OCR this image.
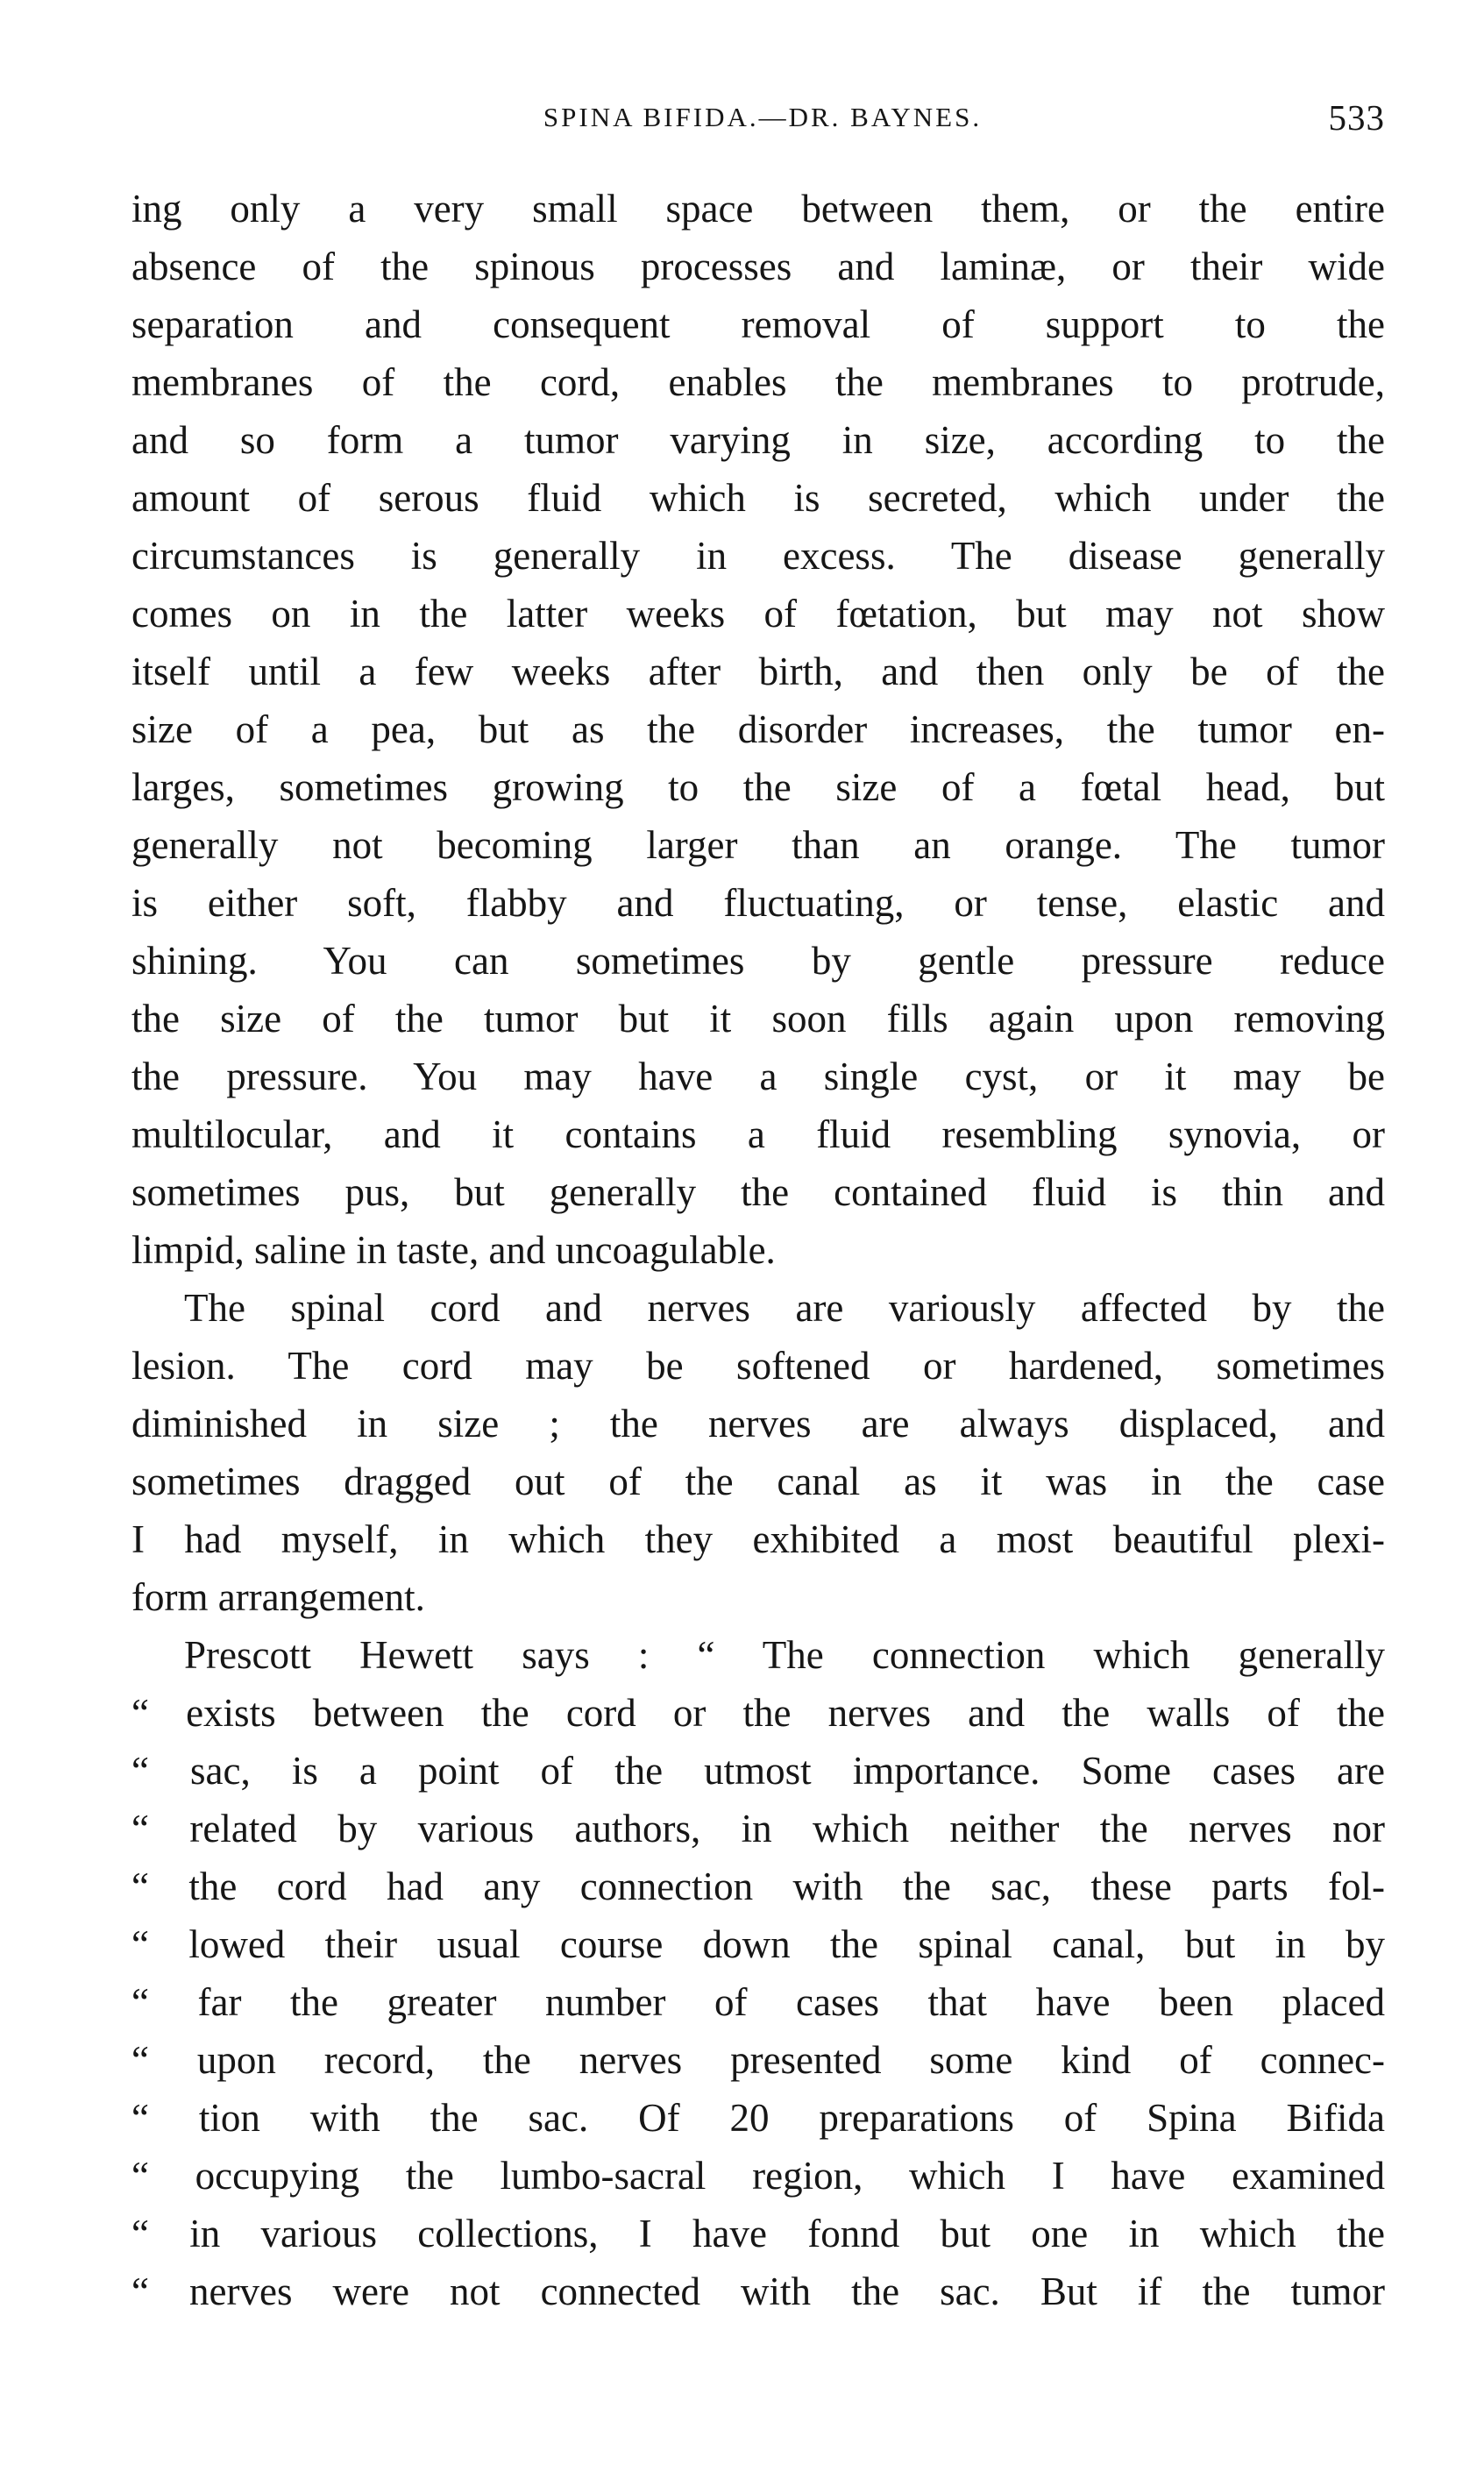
SPINA BIFIDA.—DR. BAYNES.	533
ing only a very small space between them, or the entire
absence of the spinous processes and laminæ, or their wide
separation and consequent removal of support to the
membranes of the cord, enables the membranes to protrude,
and so form a tumor varying in size, according to the
amount of serous fluid which is secreted, which under the
circumstances is generally in excess. The disease generally
comes on in the latter weeks of fœtation, but may not show
itself until a few weeks after birth, and then only be of the
size of a pea, but as the disorder increases, the tumor en-
larges, sometimes growing to the size of a fœtal head, but
generally not becoming larger than an orange. The tumor
is either soft, flabby and fluctuating, or tense, elastic and
shining. You can sometimes by gentle pressure reduce
the size of the tumor but it soon fills again upon removing
the pressure. You may have a single cyst, or it may be
multilocular, and it contains a fluid resembling synovia, or
sometimes pus, but generally the contained fluid is thin and
limpid, saline in taste, and uncoagulable.
The spinal cord and nerves are variously affected by the
lesion. The cord may be softened or hardened, sometimes
diminished in size ; the nerves are always displaced, and
sometimes dragged out of the canal as it was in the case
I had myself, in which they exhibited a most beautiful plexi-
form arrangement.
Prescott Hewett says : “ The connection which generally
“ exists between the cord or the nerves and the walls of the
“ sac, is a point of the utmost importance. Some cases are
“ related by various authors, in which neither the nerves nor
“ the cord had any connection with the sac, these parts fol-
“ lowed their usual course down the spinal canal, but in by
“ far the greater number of cases that have been placed
“ upon record, the nerves presented some kind of connec-
“ tion with the sac. Of 20 preparations of Spina Bifida
“ occupying the lumbo-sacral region, which I have examined
“ in various collections, I have fonnd but one in which the
“ nerves were not connected with the sac. But if the tumor
